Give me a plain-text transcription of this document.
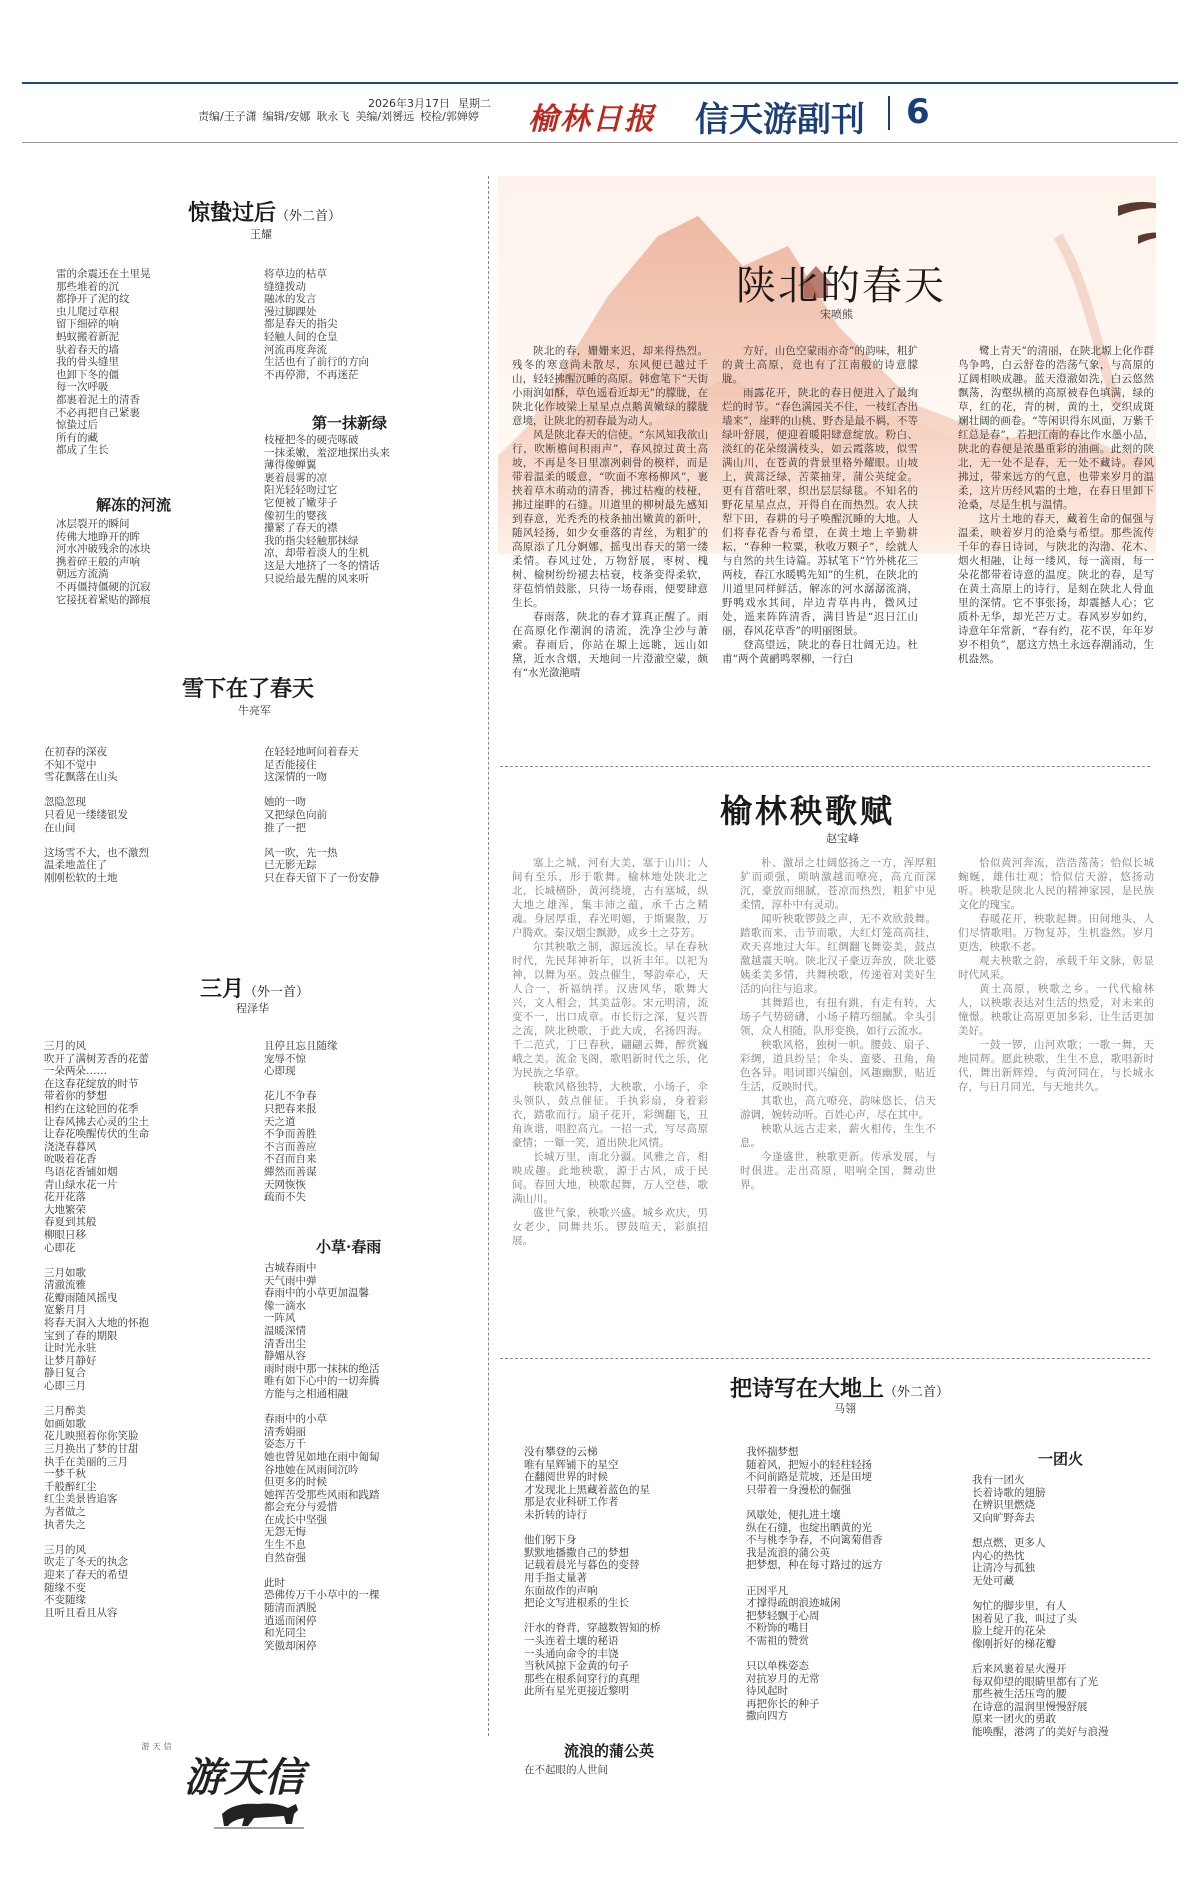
2026年3月17日 星期二
责编/王子潇 编辑/安娜 耿永飞 美编/刘赟远 校检/郭婵婷 榆林日报 信天游副刊 6
惊蛰过后（外二首）
王耀
雷的余震还在土里晃
那些堆着的沉
都挣开了泥的纹
虫儿爬过草根
留下细碎的响
蚂蚁搬着新泥
驮着春天的墙
我的骨头缝里
也卸下冬的僵
每一次呼吸
都裹着泥土的清香
不必再把自己紧裹
惊蛰过后
所有的藏
都成了生长
将草边的枯草
缝缝拨动
融冰的发言
漫过脚踝处
都是春天的指尖
轻触人间的仓皇
河流再度奔流
生活也有了前行的方向
不再停滞，不再迷茫
第一抹新绿
枝桠把冬的硬壳啄破
一抹柔嫩，羞涩地探出头来
薄得像蝉翼
裹着晨雾的凉
阳光轻轻吻过它
它便被了嫩芽子
像初生的婴孩
攥紧了春天的襟
我的指尖轻触那抹绿
凉，却带着淡人的生机
这是大地挤了一冬的情话
只说给最先醒的风来听
解冻的河流
冰层裂开的瞬间
传佛大地睁开的眸
河水冲破残余的冰块
携着碎王般的声响
朝远方流淌
不再僵持僵硬的沉寂
它接抚着紧贴的蹄痕
雪下在了春天
牛亮军
在初春的深夜
不知不觉中
雪花飘落在山头
忽隐忽现
只看见一缕缕银发
在山间
这场雪不大，也不激烈
温柔地盖住了
刚刚松软的土地
在轻轻地呵问着春天
足否能接住
这深情的一吻
她的一吻
又把绿色向前
推了一把
风一吹，先一热
已无影无踪
只在春天留下了一份安静
三月（外一首）
程泽华
三月的风
吹开了满树芳香的花蕾
一朵两朵……
在这春花绽放的时节
带着你的梦想
相约在这轮回的花季
让春风拂去心灵的尘土
让春花唤醒传伏的生命
浇浇春暮风
吮吸着花香
鸟语花香铺如烟
青山绿水花一片
花开花落
大地繁荣
春夏到其般
柳眼日移
心即花
三月如歌
清澈流雅
花瓣雨随风摇曳
宽紫月月
将春天洞入大地的怀抱
宝到了春的期限
让时光永驻
让梦月静好
静日复合
心即三月
三月醉美
如画如歌
花儿映照着你你笑脸
三月换出了梦的甘甜
执手在美丽的三月
一梦千秋
千般醉红尘
红尘美景皆追客
为者做之
执者失之
三月的风
吹走了冬天的执念
迎来了春天的希望
随缘不变
不变随缘
且听且看且从容
且停且忘且随缘
宠辱不惊
心即现
花儿不争春
只把春来报
天之道
不争而善胜
不言而善应
不召而自来
繟然而善谋
天网恢恢
疏而不失
小草·春雨
古城春雨中
天气雨中弹
春雨中的小草更加温馨
像一滴水
一阵风
温暖深情
清香出尘
静媚从容
雨时雨中那一抹抹的绝活
唯有如下心中的一切奔腾
方能与之相通相融
春雨中的小草
清秀娟丽
姿态万千
她也曾见如地在雨中匍匐
谷地她在风雨间沉吟
但更多的时候
她挥苦受那些风雨和践踏
都会充分与爱惜
在成长中坚强
无怨无悔
生生不息
自然奋强
此时
恐佛传万千小草中的一棵
随清而洒脱
逍遥而闲停
和光同尘
笑傲却闲停
信天游
游天信
陕北的春天
宋喷熊

陕北的春，姗姗来迟，却来得热烈。残冬的寒意尚未散尽，东风便已越过千山，轻轻拂醒沉睡的高原。韩愈笔下“天街小雨润如酥，草色遥看近却无”的朦胧，在陕北化作坡梁上星星点点鹅黄嫩绿的朦胧意境，让陕北的初春最为动人。

风是陕北春天的信使。“东风知我欲山行，吹断檐间积雨声”，春风掠过黄土高坡，不再是冬日里凛冽刺骨的模样，而是带着温柔的暖意，“吹面不寒杨柳风”，裹挟着草木萌动的清香，拂过枯瘦的枝桠，拂过崖畔的石缝。川道里的柳树最先感知到春意，光秃秃的枝条抽出嫩黄的新叶，随风轻扬，如少女垂落的青丝，为粗犷的高原添了几分婀娜，摇曳出春天的第一缕柔情。春风过处，万物舒展，枣树、槐树、榆树纷纷褪去枯衰，枝条变得柔软，芽苞悄悄鼓胀，只待一场春雨，便要肆意生长。

春雨落，陕北的春才算真正醒了。雨在高原化作潮润的清流，洗净尘沙与萧索。春雨后，你站在塬上远眺，远山如黛，近水含烟，天地间一片澄澈空蒙，颇有“水光潋滟晴

方好，山色空蒙雨亦奇”的韵味，粗犷的黄土高原，竟也有了江南般的诗意朦胧。

雨露花开，陕北的春日便进入了最绚烂的时节。“春色满园关不住，一枝红杏出墙来”，崖畔的山桃、野杏是最不羁，不等绿叶舒展，便迎着暖阳肆意绽放。粉白、淡红的花朵缀满枝头，如云霞落坡，似雪满山川，在苍黄的背景里格外耀眼。山坡上，黄蒿泛绿，苦菜抽芽，蒲公英绽金。更有苜蓿吐翠，织出层层绿毯。不知名的野花星星点点，开得自在而热烈。农人扶犁下田，春耕的号子唤醒沉睡的大地。人们将春花香与希望，在黄土地上辛勤耕耘，“春种一粒粟，秋收万颗子”，绘就人与自然的共生诗篇。苏轼笔下“竹外桃花三两枝，春江水暖鸭先知”的生机，在陕北的川道里同样鲜活，解冻的河水潺潺流淌，野鸭戏水其间，岸边青草冉冉，微风过处，遥来阵阵清香，满目皆是“迟日江山丽，春风花草香”的明丽图景。

登高望远，陕北的春日壮阔无边。杜甫“两个黄鹂鸣翠柳，一行白

鹭上青天”的清丽，在陕北塬上化作群鸟争鸣，白云舒卷的浩荡气象，与高原的辽阔相映成趣。蓝天澄澈如洗，白云悠然飘荡，沟壑纵横的高原被春色填满，绿的草，红的花，青的树，黄的土，交织成斑斓壮阔的画卷。“等闲识得东风面，万紫千红总是春”，若把江南的春比作水墨小品，陕北的春便是浓墨重彩的油画。此刻的陕北，无一处不是春，无一处不藏诗。春风拂过，带来远方的气息，也带来岁月的温柔，这片历经风霜的土地，在春日里卸下沧桑，尽是生机与温情。

这片土地的春天，藏着生命的倔强与温柔，映着岁月的沧桑与希望。那些流传千年的春日诗词，与陕北的沟渤、花木、烟火相融，让每一缕风，每一滴雨，每一朵花都带着诗意的温度。陕北的春，是写在黄土高原上的诗行，是刻在陕北人骨血里的深情。它不事张扬，却震撼人心；它质朴无华，却光芒万丈。春风岁岁如约，诗意年年常新，“春有约，花不误，年年岁岁不相负”，愿这方热土永远春潮涌动，生机盎然。

榆林秧歌赋
赵宝峰

塞上之城，河有大美，塞于山川；人间有至乐，形于歌舞。榆林地处陕北之北，长城横卧，黄河绕境，古有塞城，纵大地之雄浑，集丰沛之蕴，承千古之精魂。身居厚重，春光明媚，于斯聚散，万户腾欢。秦汉烟尘飘渺，成乡土之芬芳。

尔其秧歌之制，源远流长。早在春秋时代，先民拜神祈年，以祈丰年。以祀为神，以舞为巫。鼓点催生，琴韵牵心，天人合一，祈福纳祥。汉唐风华，歌舞大兴，文人相会，其美益彰。宋元明清，流变不一，出口成章。市长衍之深，复兴晋之流，陕北秧歌，于此大成，名扬四海。千二范式，丁巳春秋，翩翩云舞，醉赏巍峨之美。流金飞阁，歌唱新时代之乐，化为民族之华章。

秧歌风格独特，大秧歌，小场子，伞头领队，鼓点催征。手执彩扇，身着彩衣，踏歌而行。扇子花开，彩绸翻飞，丑角诙谐，唱腔高亢。一招一式，写尽高原豪情；一颦一笑，道出陕北风情。

长城万里，南北分疆。风雅之音，相映成趣。此地秧歌，源于古风，成于民间。春回大地，秧歌起舞，万人空巷，歌满山川。

盛世气象，秧歌兴盛。城乡欢庆，男女老少，同舞共乐。锣鼓喧天，彩旗招展。

朴、激昂之壮阔悠扬之一方，浑厚粗犷而顽强，唢呐激越而嘹亮，高亢而深沉，豪放而细腻，苍凉而热烈，粗犷中见柔情，淳朴中有灵动。

闻听秧歌锣鼓之声，无不欢欣鼓舞。踏歌而来，击节而歌，大红灯笼高高挂，欢天喜地过大年。红绸翻飞舞姿美，鼓点激越震天响。陕北汉子豪迈奔放，陕北婆姨柔美多情，共舞秧歌，传递着对美好生活的向往与追求。

其舞蹈也，有扭有跳，有走有转，大场子气势磅礴，小场子精巧细腻。伞头引领，众人相随，队形变换，如行云流水。

秧歌风格，独树一帜。腰鼓、扇子、彩绸，道具纷呈；伞头、蛮婆、丑角，角色各异。唱词即兴编创，风趣幽默，贴近生活，反映时代。

其歌也，高亢嘹亮，韵味悠长，信天游调，婉转动听。百姓心声，尽在其中。

秧歌从远古走来，薪火相传，生生不息。

今逢盛世，秧歌更新。传承发展，与时俱进。走出高原，唱响全国，舞动世界。

恰似黄河奔流，浩浩荡荡；恰似长城蜿蜒，雄伟壮观；恰似信天游，悠扬动听。秧歌是陕北人民的精神家园，是民族文化的瑰宝。

春暖花开，秧歌起舞。田间地头，人们尽情歌唱。万物复苏，生机盎然。岁月更迭，秧歌不老。

观夫秧歌之韵，承载千年文脉，彰显时代风采。

黄土高原，秧歌之乡。一代代榆林人，以秧歌表达对生活的热爱，对未来的憧憬。秧歌让高原更加多彩，让生活更加美好。

一鼓一锣，山河欢歌；一歌一舞，天地同辉。愿此秧歌，生生不息，歌唱新时代，舞出新辉煌，与黄河同在，与长城永存，与日月同光，与天地共久。

把诗写在大地上（外二首）
马翎
没有攀登的云梯
唯有星辉铺下的星空
在翻阅世界的时候
才发现北上黑藏着蓝色的星
那是农业科研工作者
未折转的诗行
他们躬下身
默默地播撒自己的梦想
记载着晨光与暮色的变替
用手指丈量著
东面故作的声响
把论文写进根系的生长
汗水的脊背，穿越数智知的桥
一头连着土壤的秘语
一头通向命令的丰饶
当秋风掠下金黄的句子
那些在根系间穿行的真理
此所有星光更接近黎明
流浪的蒲公英
在不起眼的人世间
我怀揣梦想
随着风，把短小的轻柱轻扬
不问前路是荒坡，还是田埂
只带着一身漫松的倔强
风歇处，便扎进土壤
纵在石缝，也绽出晒黄的光
不与桃李争春，不向篱菊借香
我是流浪的蒲公英
把梦想，种在每寸路过的远方
正因平凡
才撑得疏朗浪迹城闲
把梦轻飘于心周
不粉饰的嘴目
不需祖的赞赏
只以单株姿态
对抗岁月的无常
待风起时
再把你长的种子
撒向四方
一团火
我有一团火
长着诗歌的翅膀
在辨识里燃烧
又向旷野奔去
想点燃，更多人
内心的热忱
让清冷与孤独
无处可藏
匆忙的脚步里，有人
困着见了我，叫过了头
脸上绽开的花朵
像刚折好的梯花瓣
后来风裹着星火漫开
每双仰望的眼睛里都有了光
那些被生活压弯的腰
在诗意的温润里慢慢舒展
原来一团火的勇敢
能唤醒，港湾了的美好与浪漫
